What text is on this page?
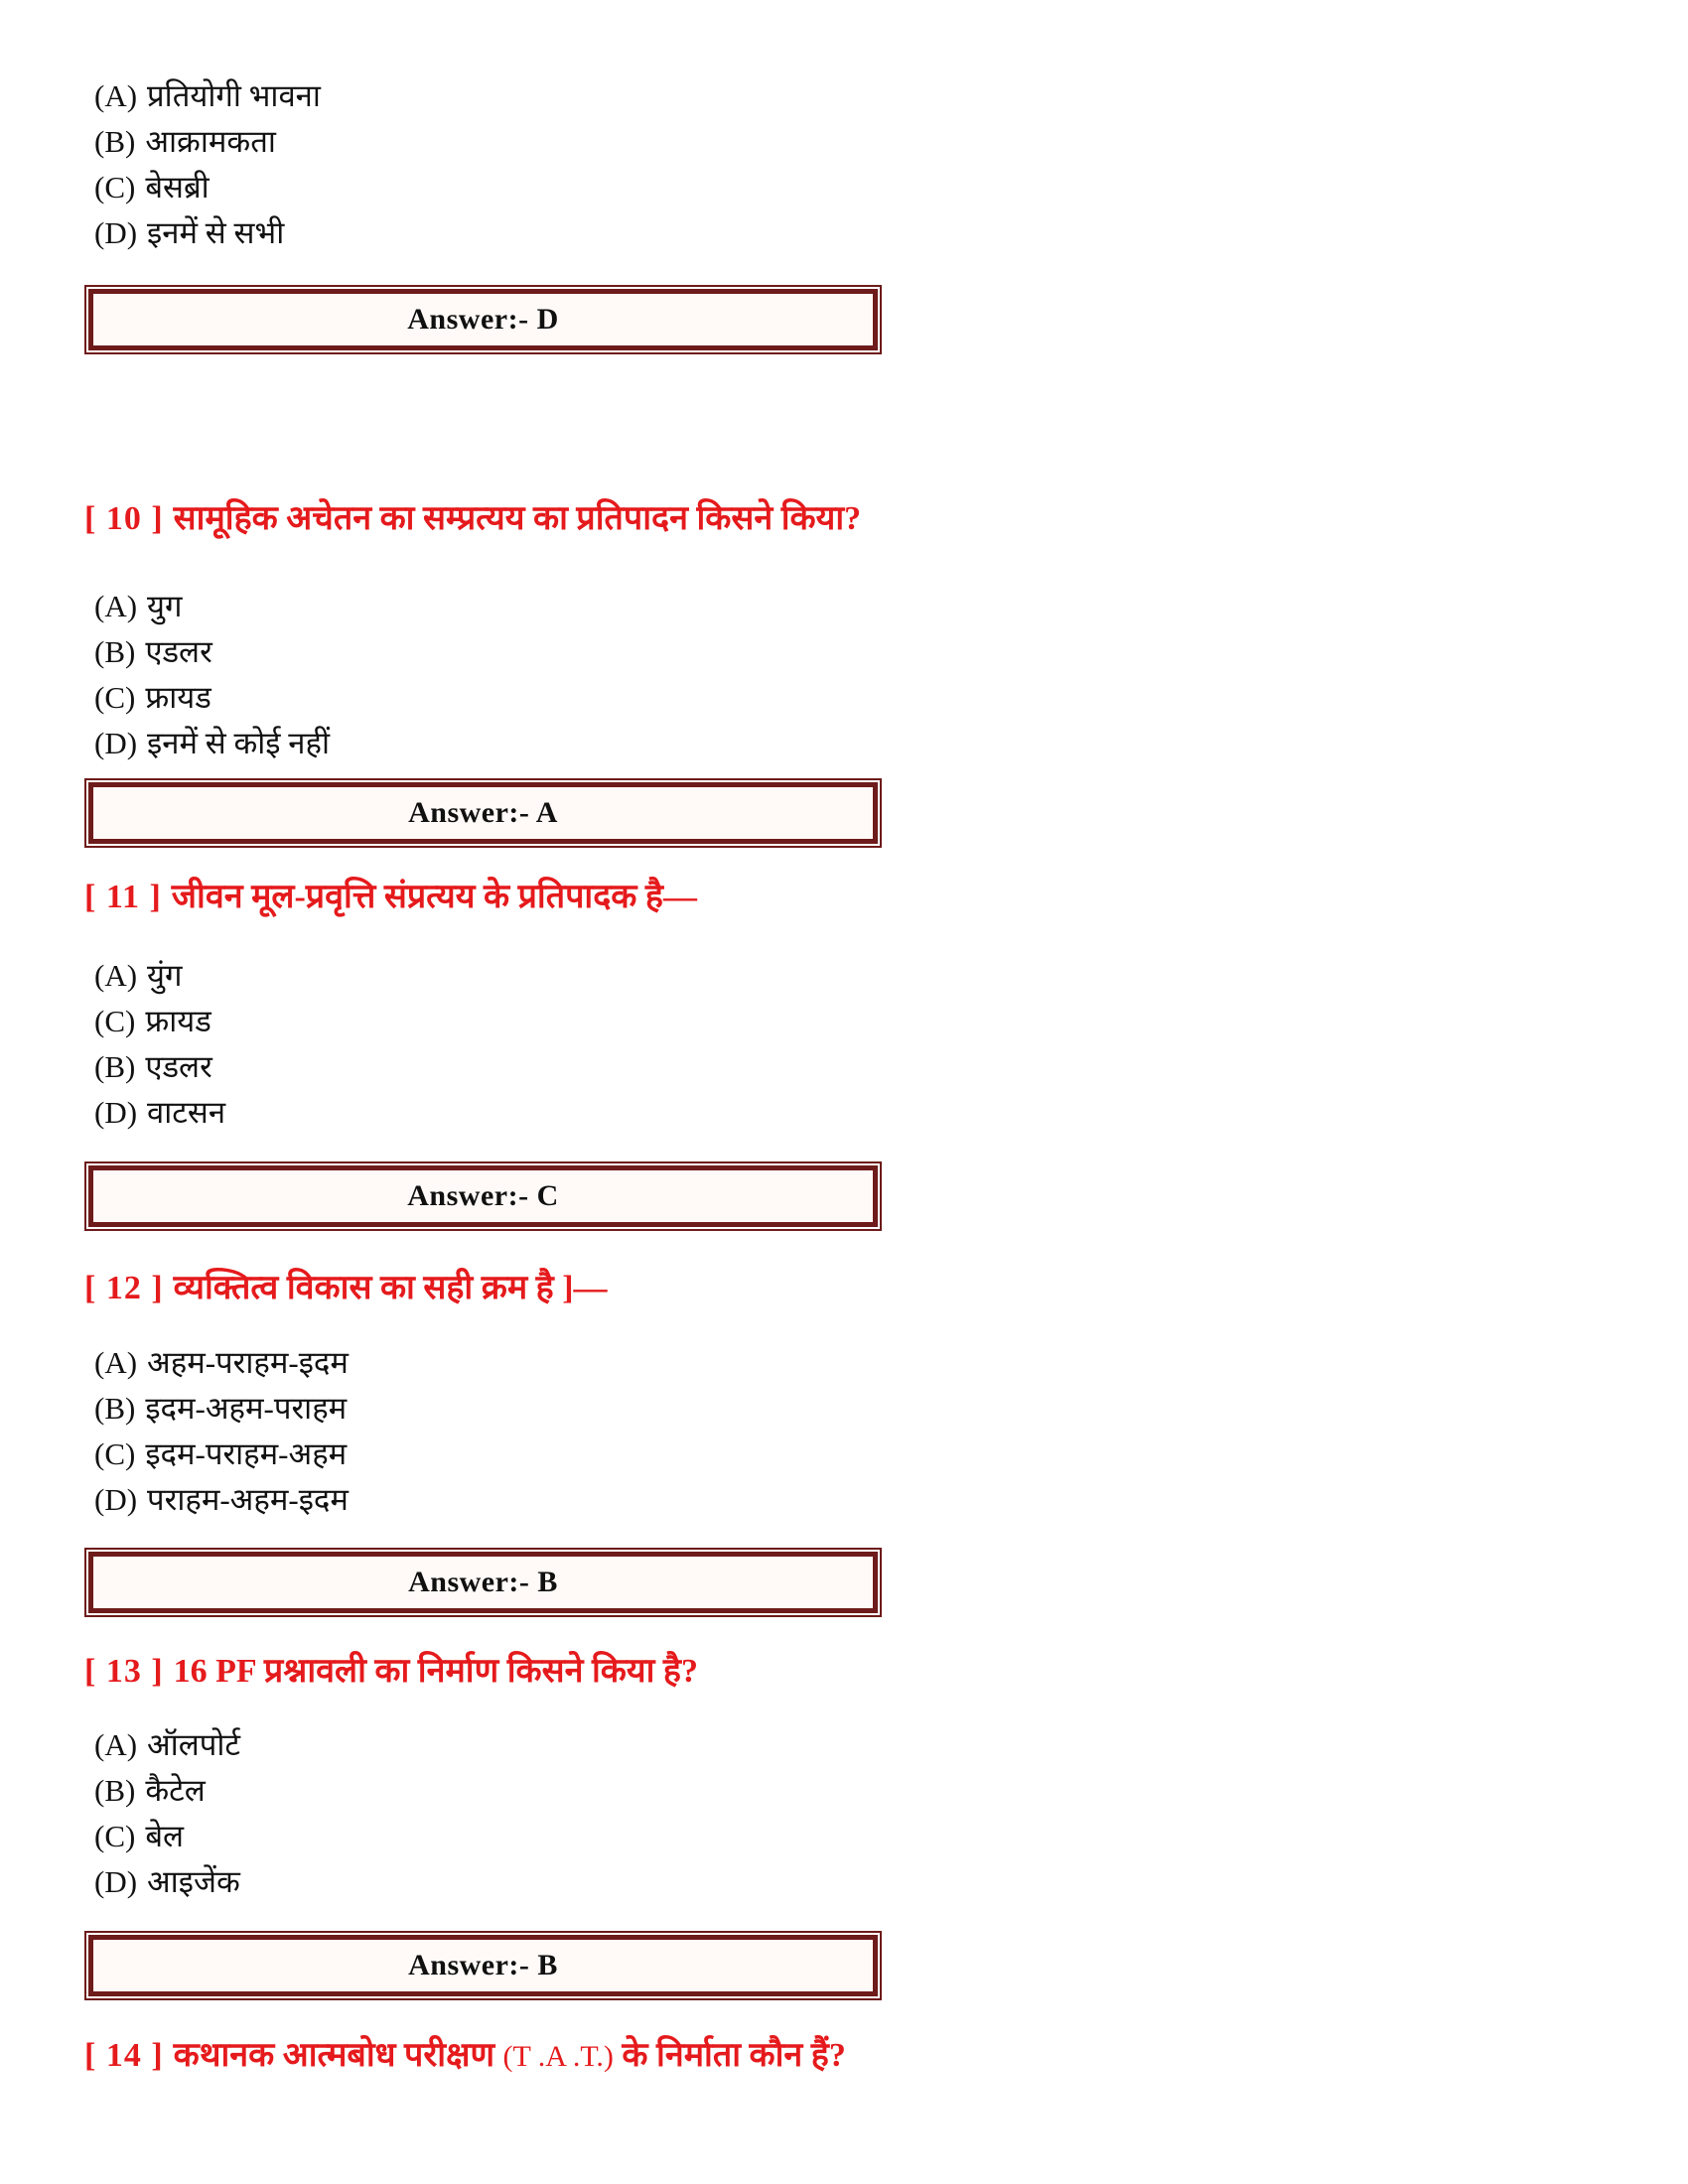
(A) प्रतियोगी भावना
(B) आक्रामकता
(C) बेसब्री
(D) इनमें से सभी
Answer:- D
[ 10 ] सामूहिक अचेतन का सम्प्रत्यय का प्रतिपादन किसने किया?
(A) युग
(B) एडलर
(C) फ्रायड
(D) इनमें से कोई नहीं
Answer:- A
[ 11 ] जीवन मूल-प्रवृत्ति संप्रत्यय के प्रतिपादक है—
(A) युंग
(C) फ्रायड
(B) एडलर
(D) वाटसन
Answer:- C
[ 12 ] व्यक्तित्व विकास का सही क्रम है ]—
(A) अहम-पराहम-इदम
(B) इदम-अहम-पराहम
(C) इदम-पराहम-अहम
(D) पराहम-अहम-इदम
Answer:- B
[ 13 ] 16 PF प्रश्नावली का निर्माण किसने किया है?
(A) ऑलपोर्ट
(B) कैटेल
(C) बेल
(D) आइजेंक
Answer:- B
[ 14 ] कथानक आत्मबोध परीक्षण (T .A .T.) के निर्माता कौन हैं?
